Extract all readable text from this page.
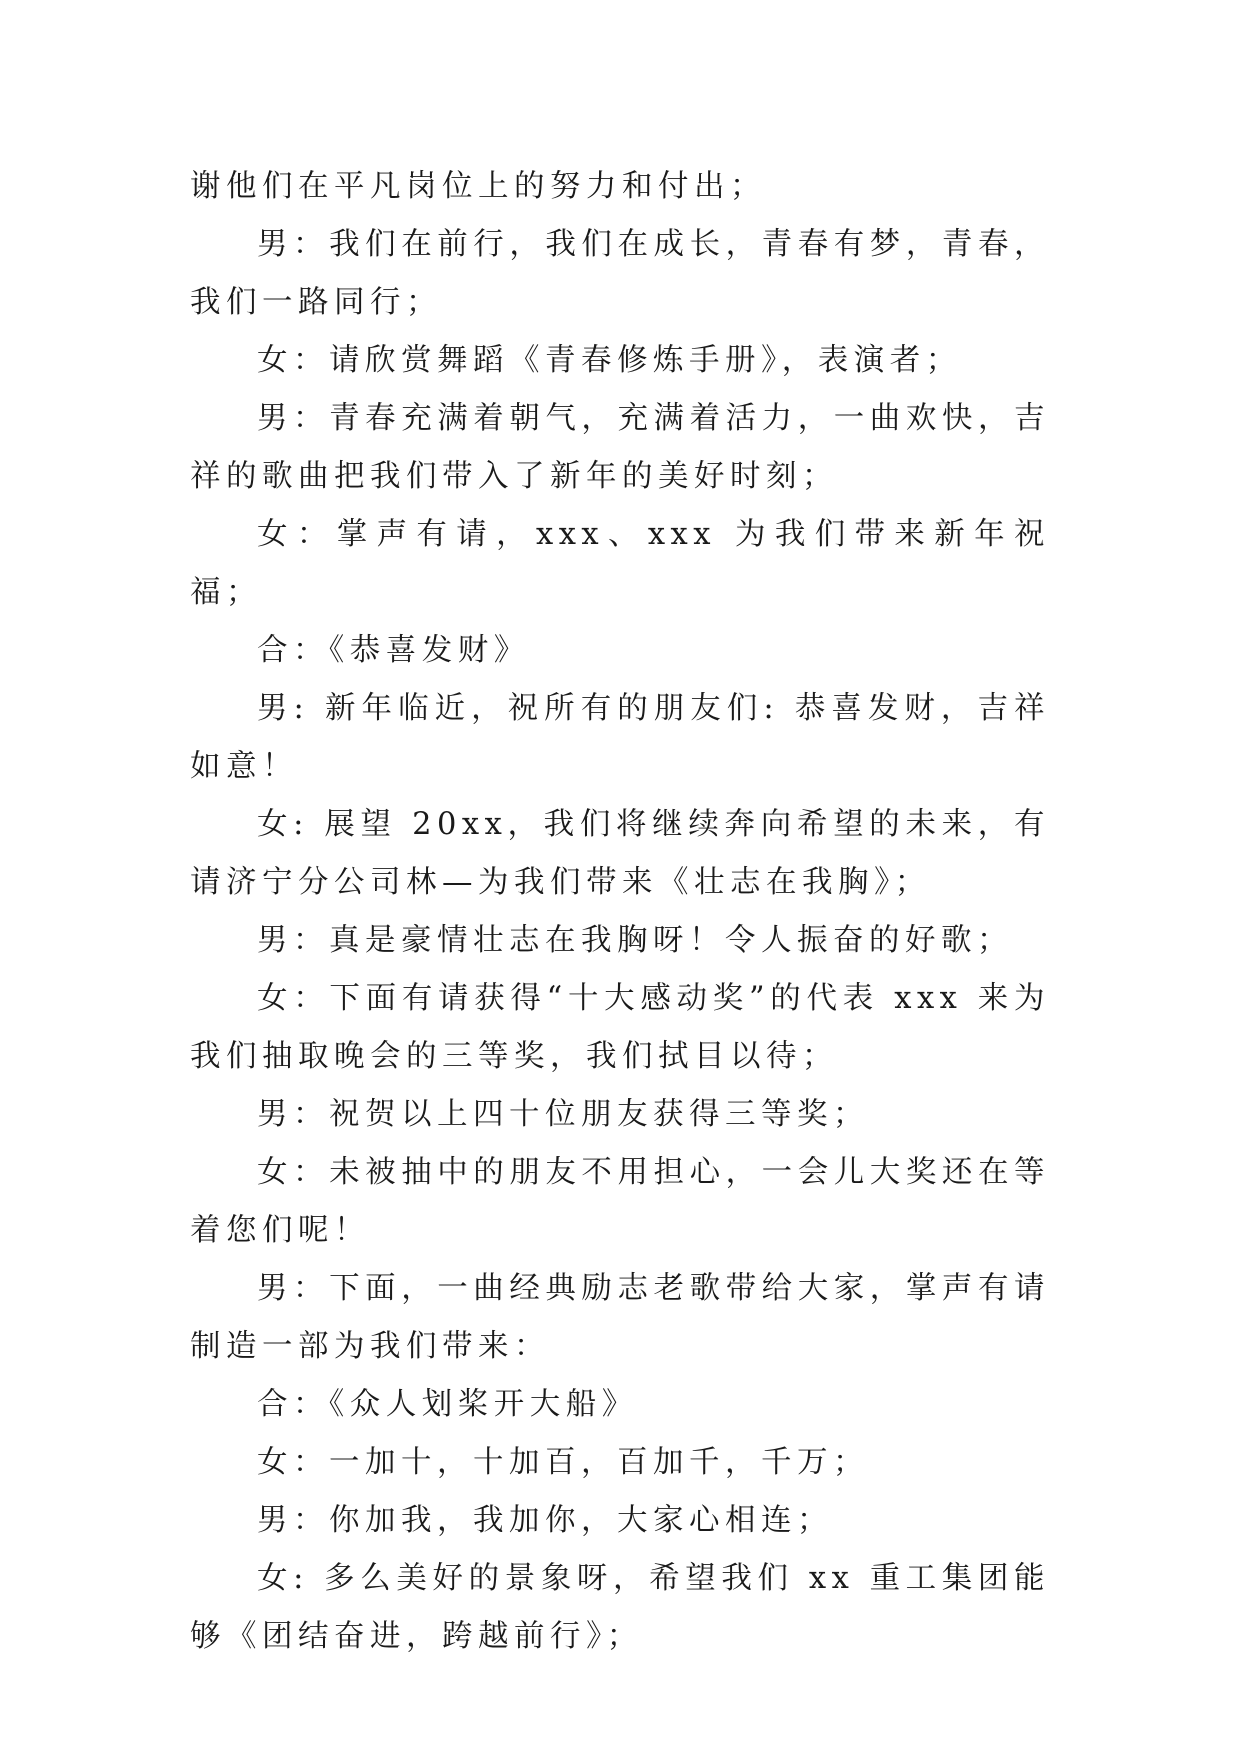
谢他们在平凡岗位上的努力和付出；

男：我们在前行，我们在成长，青春有梦，青春，我们一路同行；

女：请欣赏舞蹈《青春修炼手册》，表演者；

男：青春充满着朝气，充满着活力，一曲欢快，吉祥的歌曲把我们带入了新年的美好时刻；

女：掌声有请，xxx、xxx 为我们带来新年祝福；

合：《恭喜发财》

男: 新年临近，祝所有的朋友们: 恭喜发财，吉祥如意！

女: 展望 20xx，我们将继续奔向希望的未来，有请济宁分公司林—为我们带来《壮志在我胸》；

男：真是豪情壮志在我胸呀！令人振奋的好歌；

女：下面有请获得“十大感动奖”的代表 xxx 来为我们抽取晚会的三等奖，我们拭目以待；

男：祝贺以上四十位朋友获得三等奖；

女：未被抽中的朋友不用担心，一会儿大奖还在等着您们呢！

男：下面，一曲经典励志老歌带给大家，掌声有请制造一部为我们带来：

合：《众人划桨开大船》

女：一加十，十加百，百加千，千万；

男：你加我，我加你，大家心相连；

女: 多么美好的景象呀，希望我们 xx 重工集团能够《团结奋进，跨越前行》；
